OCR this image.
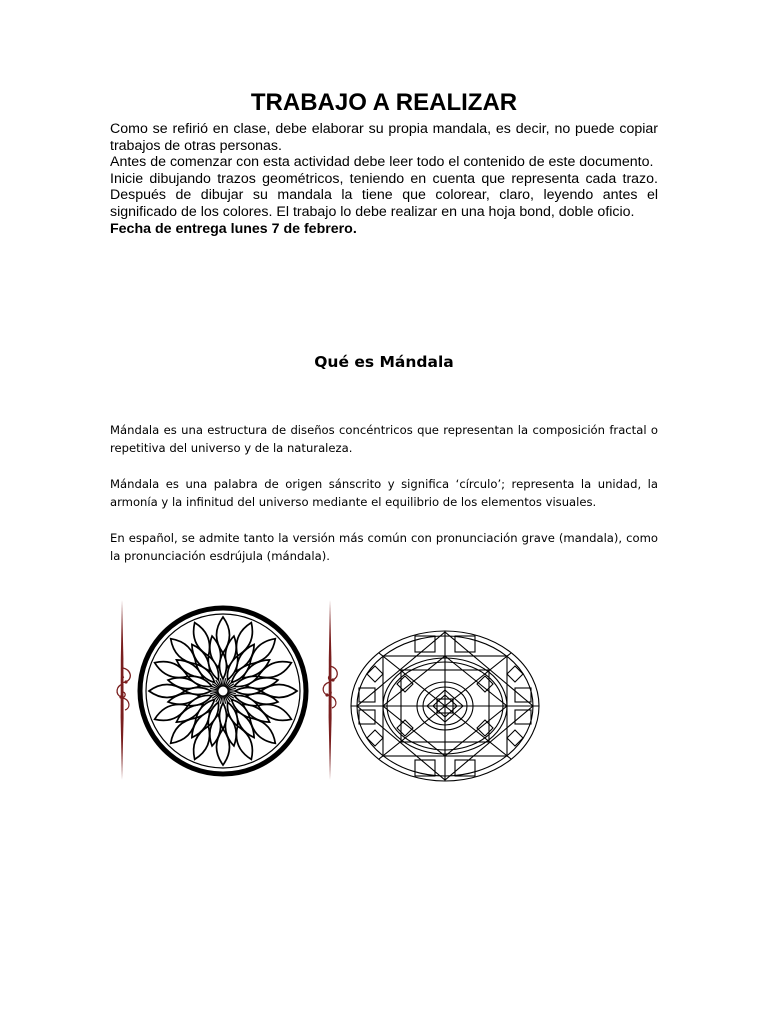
TRABAJO A REALIZAR

Como se refirió en clase, debe elaborar su propia mandala, es decir, no puede copiar trabajos de otras personas.

Antes de comenzar con esta actividad debe leer todo el contenido de este documento.

Inicie dibujando trazos geométricos, teniendo en cuenta que representa cada trazo. Después de dibujar su mandala la tiene que colorear, claro, leyendo antes el significado de los colores. El trabajo lo debe realizar en una hoja bond, doble oficio.

Fecha de entrega lunes 7 de febrero.

Qué es Mándala

Mándala es una estructura de diseños concéntricos que representan la composición fractal o repetitiva del universo y de la naturaleza.

Mándala es una palabra de origen sánscrito y significa ‘círculo’; representa la unidad, la armonía y la infinitud del universo mediante el equilibrio de los elementos visuales.

En español, se admite tanto la versión más común con pronunciación grave (mandala), como la pronunciación esdrújula (mándala).
